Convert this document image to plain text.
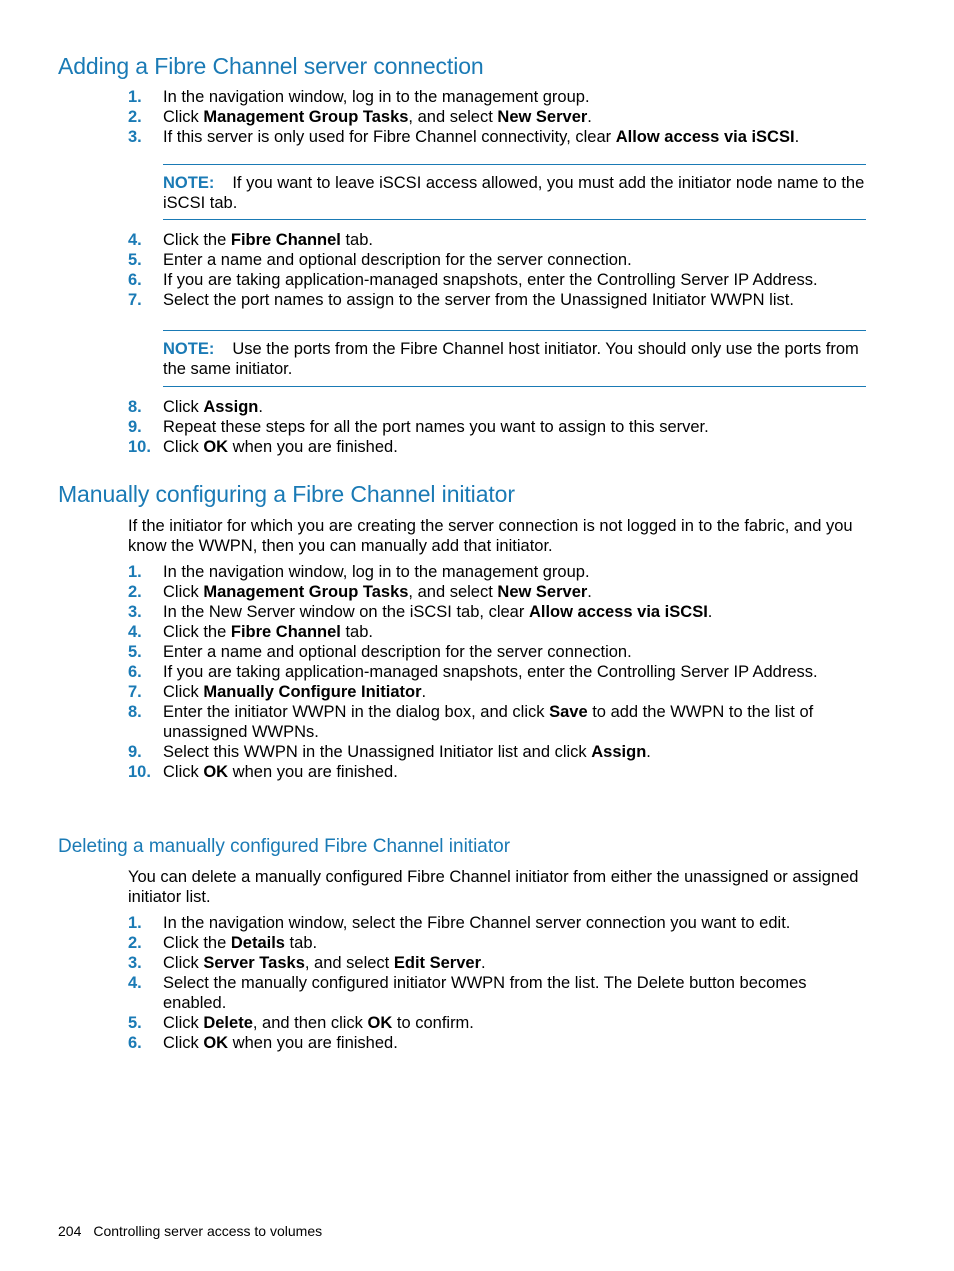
Adding a Fibre Channel server connection
1. In the navigation window, log in to the management group.
2. Click Management Group Tasks, and select New Server.
3. If this server is only used for Fibre Channel connectivity, clear Allow access via iSCSI.
NOTE: If you want to leave iSCSI access allowed, you must add the initiator node name to the iSCSI tab.
4. Click the Fibre Channel tab.
5. Enter a name and optional description for the server connection.
6. If you are taking application-managed snapshots, enter the Controlling Server IP Address.
7. Select the port names to assign to the server from the Unassigned Initiator WWPN list.
NOTE: Use the ports from the Fibre Channel host initiator. You should only use the ports from the same initiator.
8. Click Assign.
9. Repeat these steps for all the port names you want to assign to this server.
10. Click OK when you are finished.
Manually configuring a Fibre Channel initiator

If the initiator for which you are creating the server connection is not logged in to the fabric, and you know the WWPN, then you can manually add that initiator.

1. In the navigation window, log in to the management group.
2. Click Management Group Tasks, and select New Server.
3. In the New Server window on the iSCSI tab, clear Allow access via iSCSI.
4. Click the Fibre Channel tab.
5. Enter a name and optional description for the server connection.
6. If you are taking application-managed snapshots, enter the Controlling Server IP Address.
7. Click Manually Configure Initiator.
8. Enter the initiator WWPN in the dialog box, and click Save to add the WWPN to the list of unassigned WWPNs.
9. Select this WWPN in the Unassigned Initiator list and click Assign.
10. Click OK when you are finished.
Deleting a manually configured Fibre Channel initiator

You can delete a manually configured Fibre Channel initiator from either the unassigned or assigned initiator list.

1. In the navigation window, select the Fibre Channel server connection you want to edit.
2. Click the Details tab.
3. Click Server Tasks, and select Edit Server.
4. Select the manually configured initiator WWPN from the list. The Delete button becomes enabled.
5. Click Delete, and then click OK to confirm.
6. Click OK when you are finished.
204 Controlling server access to volumes
